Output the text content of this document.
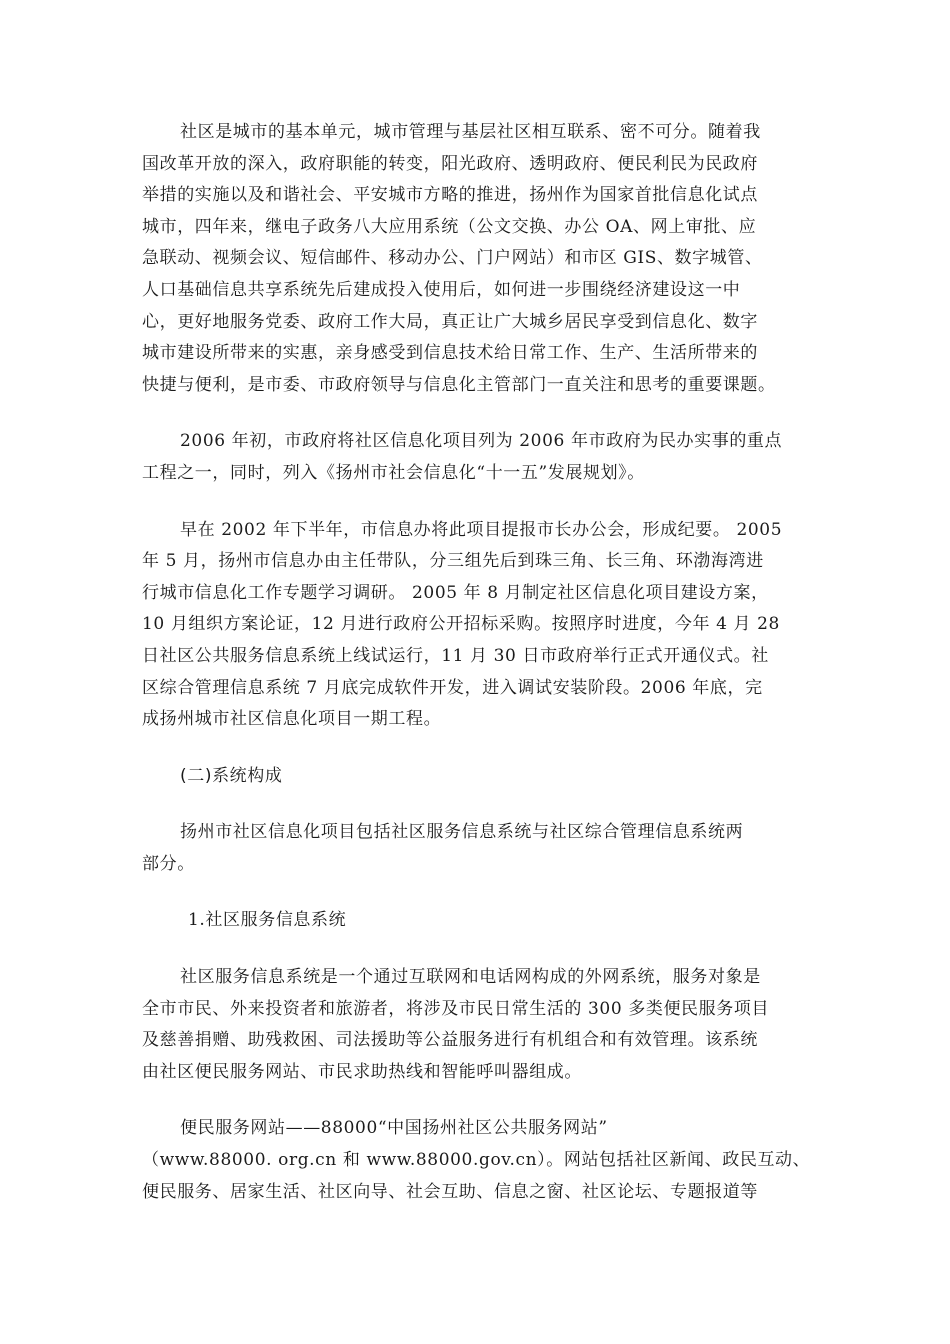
社区是城市的基本单元，城市管理与基层社区相互联系、密不可分。随着我
国改革开放的深入，政府职能的转变，阳光政府、透明政府、便民利民为民政府
举措的实施以及和谐社会、平安城市方略的推进，扬州作为国家首批信息化试点
城市，四年来，继电子政务八大应用系统（公文交换、办公 OA、网上审批、应
急联动、视频会议、短信邮件、移动办公、门户网站）和市区 GIS、数字城管、
人口基础信息共享系统先后建成投入使用后，如何进一步围绕经济建设这一中
心，更好地服务党委、政府工作大局，真正让广大城乡居民享受到信息化、数字
城市建设所带来的实惠，亲身感受到信息技术给日常工作、生产、生活所带来的
快捷与便利，是市委、市政府领导与信息化主管部门一直关注和思考的重要课题。
2006 年初，市政府将社区信息化项目列为 2006 年市政府为民办实事的重点
工程之一，同时，列入《扬州市社会信息化“十一五”发展规划》。
早在 2002 年下半年，市信息办将此项目提报市长办公会，形成纪要。 2005
年 5 月，扬州市信息办由主任带队，分三组先后到珠三角、长三角、环渤海湾进
行城市信息化工作专题学习调研。 2005 年 8 月制定社区信息化项目建设方案，
10 月组织方案论证，12 月进行政府公开招标采购。按照序时进度，今年 4 月 28
日社区公共服务信息系统上线试运行，11 月 30 日市政府举行正式开通仪式。社
区综合管理信息系统 7 月底完成软件开发，进入调试安装阶段。2006 年底，完
成扬州城市社区信息化项目一期工程。
(二)系统构成
扬州市社区信息化项目包括社区服务信息系统与社区综合管理信息系统两
部分。
1.社区服务信息系统
社区服务信息系统是一个通过互联网和电话网构成的外网系统，服务对象是
全市市民、外来投资者和旅游者，将涉及市民日常生活的 300 多类便民服务项目
及慈善捐赠、助残救困、司法援助等公益服务进行有机组合和有效管理。该系统
由社区便民服务网站、市民求助热线和智能呼叫器组成。
便民服务网站——88000“中国扬州社区公共服务网站”
（www.88000. org.cn 和 www.88000.gov.cn）。网站包括社区新闻、政民互动、
便民服务、居家生活、社区向导、社会互助、信息之窗、社区论坛、专题报道等
